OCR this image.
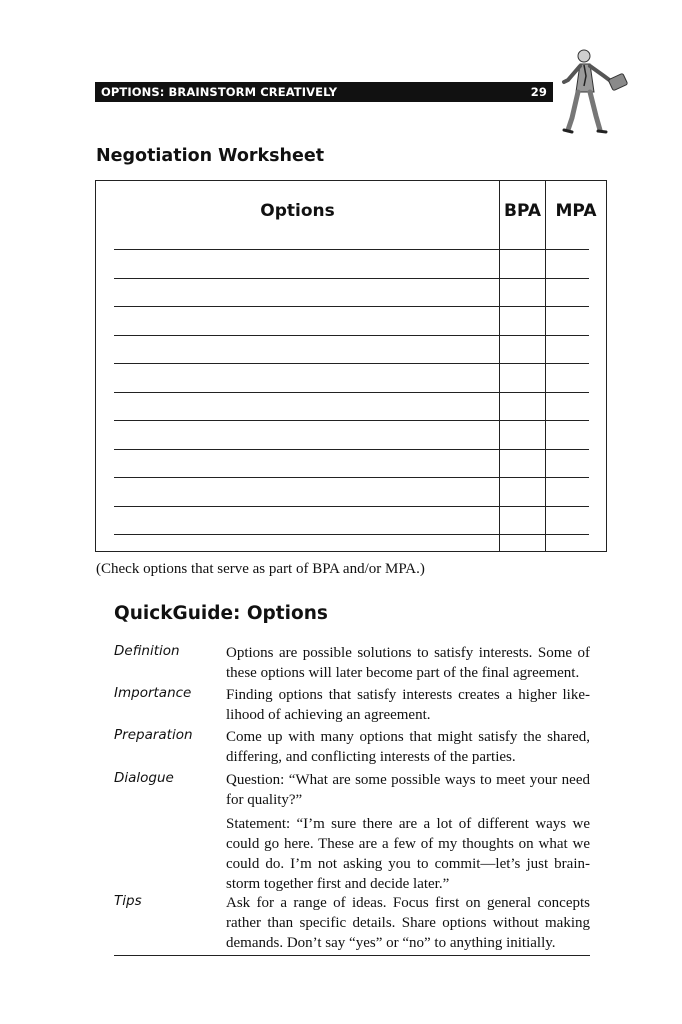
OPTIONS: BRAINSTORM CREATIVELY	29
Negotiation Worksheet
Options	BPA MPA
(Check options that serve as part of BPA and/or MPA.)
QuickGuide: Options
Definition	Options are possible solutions to satisfy interests. Some of these options will later become part of the final agreement.
Importance Finding options that satisfy interests creates a higher likelihood of achieving an agreement.
Preparation Come up with many options that might satisfy the shared, differing, and conflicting interests of the parties.
Dialogue	Question: “What are some possible ways to meet your need for quality?”
Statement: “I’m sure there are a lot of different ways we could go here. These are a few of my thoughts on what we could do. I’m not asking you to commit—let’s just brainstorm together first and decide later.”
Tips	Ask for a range of ideas. Focus first on general concepts rather than specific details. Share options without making demands. Don’t say “yes” or “no” to anything initially.
